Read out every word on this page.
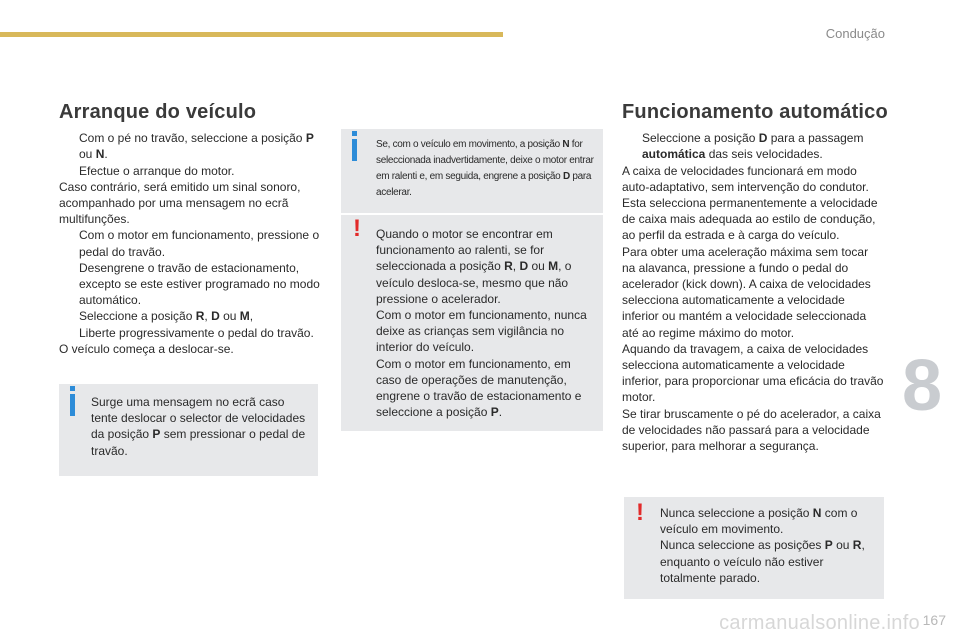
Condução
8
Arranque do veículo

Com o pé no travão, seleccione a posição P ou N.

Efectue o arranque do motor.

Caso contrário, será emitido um sinal sonoro, acompanhado por uma mensagem no ecrã multifunções.

Com o motor em funcionamento, pressione o pedal do travão.

Desengrene o travão de estacionamento, excepto se este estiver programado no modo automático.

Seleccione a posição R, D ou M,

Liberte progressivamente o pedal do travão.

O veículo começa a deslocar-se.

Surge uma mensagem no ecrã caso tente deslocar o selector de velocidades da posição P sem pressionar o pedal de travão.
Se, com o veículo em movimento, a posição N for seleccionada inadvertidamente, deixe o motor entrar em ralenti e, em seguida, engrene a posição D para acelerar.
! Quando o motor se encontrar em funcionamento ao ralenti, se for seleccionada a posição R, D ou M, o veículo desloca-se, mesmo que não pressione o acelerador.

Com o motor em funcionamento, nunca deixe as crianças sem vigilância no interior do veículo.

Com o motor em funcionamento, em caso de operações de manutenção, engrene o travão de estacionamento e seleccione a posição P.

Funcionamento automático

Seleccione a posição D para a passagem automática das seis velocidades.

A caixa de velocidades funcionará em modo auto-adaptativo, sem intervenção do condutor. Esta selecciona permanentemente a velocidade de caixa mais adequada ao estilo de condução, ao perfil da estrada e à carga do veículo.

Para obter uma aceleração máxima sem tocar na alavanca, pressione a fundo o pedal do acelerador (kick down). A caixa de velocidades selecciona automaticamente a velocidade inferior ou mantém a velocidade seleccionada até ao regime máximo do motor.

Aquando da travagem, a caixa de velocidades selecciona automaticamente a velocidade inferior, para proporcionar uma eficácia do travão motor.

Se tirar bruscamente o pé do acelerador, a caixa de velocidades não passará para a velocidade superior, para melhorar a segurança.

! Nunca seleccione a posição N com o veículo em movimento.

Nunca seleccione as posições P ou R, enquanto o veículo não estiver totalmente parado.

carmanualsonline.info 167
